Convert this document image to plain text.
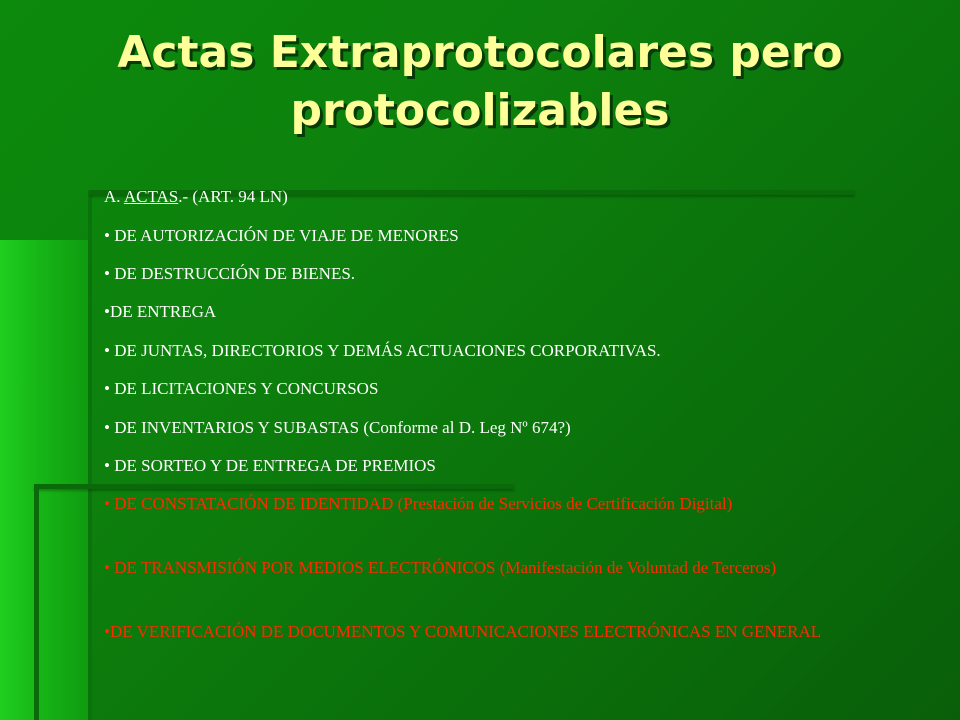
Actas Extraprotocolares pero protocolizables

A. ACTAS.- (ART. 94 LN)

• DE AUTORIZACIÓN DE VIAJE DE MENORES

• DE DESTRUCCIÓN DE BIENES.

•DE ENTREGA

• DE JUNTAS, DIRECTORIOS Y DEMÁS ACTUACIONES CORPORATIVAS.

• DE LICITACIONES Y CONCURSOS

• DE INVENTARIOS Y SUBASTAS (Conforme al D. Leg Nº 674?)

• DE SORTEO Y DE ENTREGA DE PREMIOS

• DE CONSTATACIÓN DE IDENTIDAD (Prestación de Servicios de Certificación Digital)

• DE TRANSMISIÓN POR MEDIOS ELECTRÓNICOS (Manifestación de Voluntad de Terceros)

•DE VERIFICACIÓN DE DOCUMENTOS Y COMUNICACIONES ELECTRÓNICAS EN GENERAL
